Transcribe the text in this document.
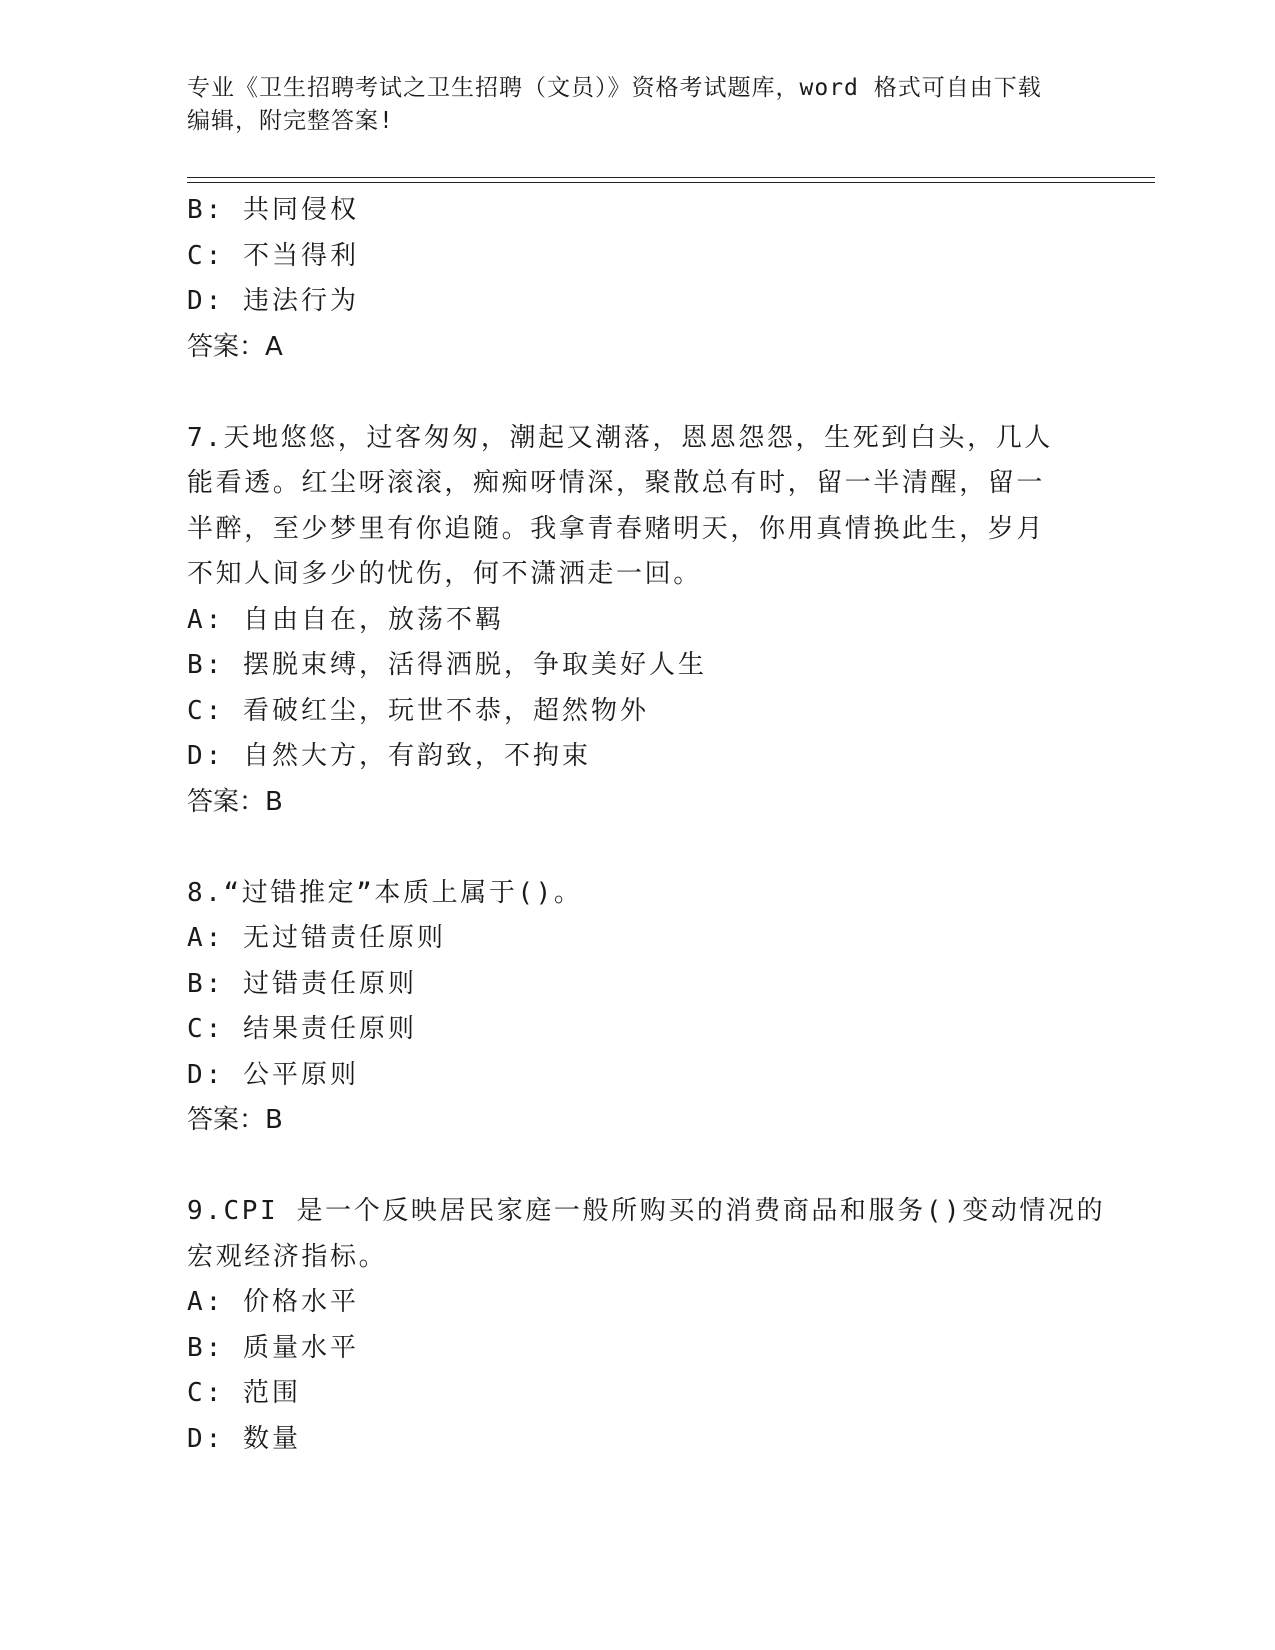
专业《卫生招聘考试之卫生招聘（文员）》资格考试题库，word 格式可自由下载
编辑，附完整答案!
B: 共同侵权
C: 不当得利
D: 违法行为
答案：A
7.天地悠悠，过客匆匆，潮起又潮落，恩恩怨怨，生死到白头，几人
能看透。红尘呀滚滚，痴痴呀情深，聚散总有时，留一半清醒，留一
半醉，至少梦里有你追随。我拿青春赌明天，你用真情换此生，岁月
不知人间多少的忧伤，何不潇洒走一回。
A: 自由自在，放荡不羁
B: 摆脱束缚，活得洒脱，争取美好人生
C: 看破红尘，玩世不恭，超然物外
D: 自然大方，有韵致，不拘束
答案：B
8.“过错推定”本质上属于()。
A: 无过错责任原则
B: 过错责任原则
C: 结果责任原则
D: 公平原则
答案：B
9.CPI 是一个反映居民家庭一般所购买的消费商品和服务()变动情况的
宏观经济指标。
A: 价格水平
B: 质量水平
C: 范围
D: 数量
